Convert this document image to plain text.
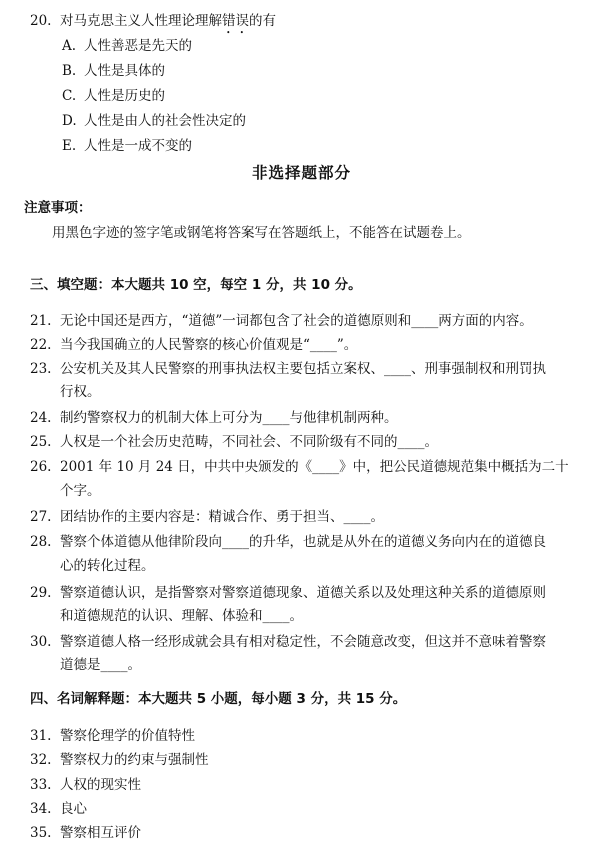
20. 对马克思主义人性理论理解错误的有
A. 人性善恶是先天的
B. 人性是具体的
C. 人性是历史的
D. 人性是由人的社会性决定的
E. 人性是一成不变的
非选择题部分
注意事项：
用黑色字迹的签字笔或钢笔将答案写在答题纸上，不能答在试题卷上。
三、填空题：本大题共 10 空，每空 1 分，共 10 分。
21. 无论中国还是西方，“道德”一词都包含了社会的道德原则和____两方面的内容。
22. 当今我国确立的人民警察的核心价值观是“____”。
23. 公安机关及其人民警察的刑事执法权主要包括立案权、____、刑事强制权和刑罚执
行权。
24. 制约警察权力的机制大体上可分为____与他律机制两种。
25. 人权是一个社会历史范畴，不同社会、不同阶级有不同的____。
26. 2001 年 10 月 24 日，中共中央颁发的《____》中，把公民道德规范集中概括为二十
个字。
27. 团结协作的主要内容是：精诚合作、勇于担当、____。
28. 警察个体道德从他律阶段向____的升华，也就是从外在的道德义务向内在的道德良
心的转化过程。
29. 警察道德认识，是指警察对警察道德现象、道德关系以及处理这种关系的道德原则
和道德规范的认识、理解、体验和____。
30. 警察道德人格一经形成就会具有相对稳定性，不会随意改变，但这并不意味着警察
道德是____。
四、名词解释题：本大题共 5 小题，每小题 3 分，共 15 分。
31. 警察伦理学的价值特性
32. 警察权力的约束与强制性
33. 人权的现实性
34. 良心
35. 警察相互评价
